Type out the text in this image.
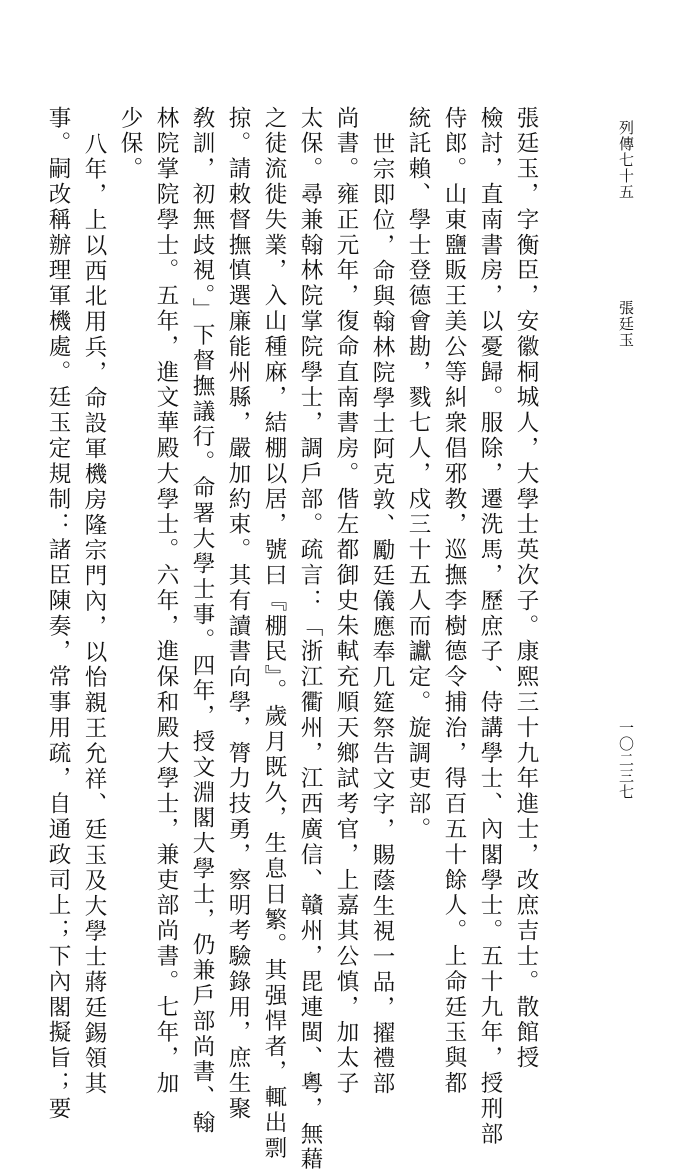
張廷玉，字衡臣，安徽桐城人，大學士英次子。康熙三十九年進士，改庶吉士。散館授
檢討，直南書房，以憂歸。服除，遷洗馬，歷庶子、侍講學士、內閣學士。五十九年，授刑部
侍郎。山東鹽販王美公等糾衆倡邪教，巡撫李樹德令捕治，得百五十餘人。上命廷玉與都
統託賴、學士登德會勘，戮七人，戍三十五人而讞定。旋調吏部。
世宗即位，命與翰林院學士阿克敦、勵廷儀應奉几筵祭告文字，賜蔭生視一品，擢禮部
尚書。雍正元年，復命直南書房。偕左都御史朱軾充順天鄉試考官，上嘉其公慎，加太子
太保。尋兼翰林院掌院學士，調戶部。疏言：「浙江衢州，江西廣信、贛州，毘連閩、粵，無藉
之徒流徙失業，入山種麻，結棚以居，號曰『棚民』。歲月既久，生息日繁。其强悍者，輒出剽
掠。請敕督撫慎選廉能州縣，嚴加約束。其有讀書向學，膂力技勇，察明考驗錄用，庶生聚
敎訓，初無歧視。」下督撫議行。命署大學士事。四年，授文淵閣大學士，仍兼戶部尚書、翰
林院掌院學士。五年，進文華殿大學士。六年，進保和殿大學士，兼吏部尚書。七年，加
少保。
八年，上以西北用兵，命設軍機房隆宗門內，以怡親王允祥、廷玉及大學士蔣廷錫領其
事。嗣改稱辦理軍機處。廷玉定規制：諸臣陳奏，常事用疏，自通政司上；下內閣擬旨；要	列傳七十五
張廷玉
一〇二三七
